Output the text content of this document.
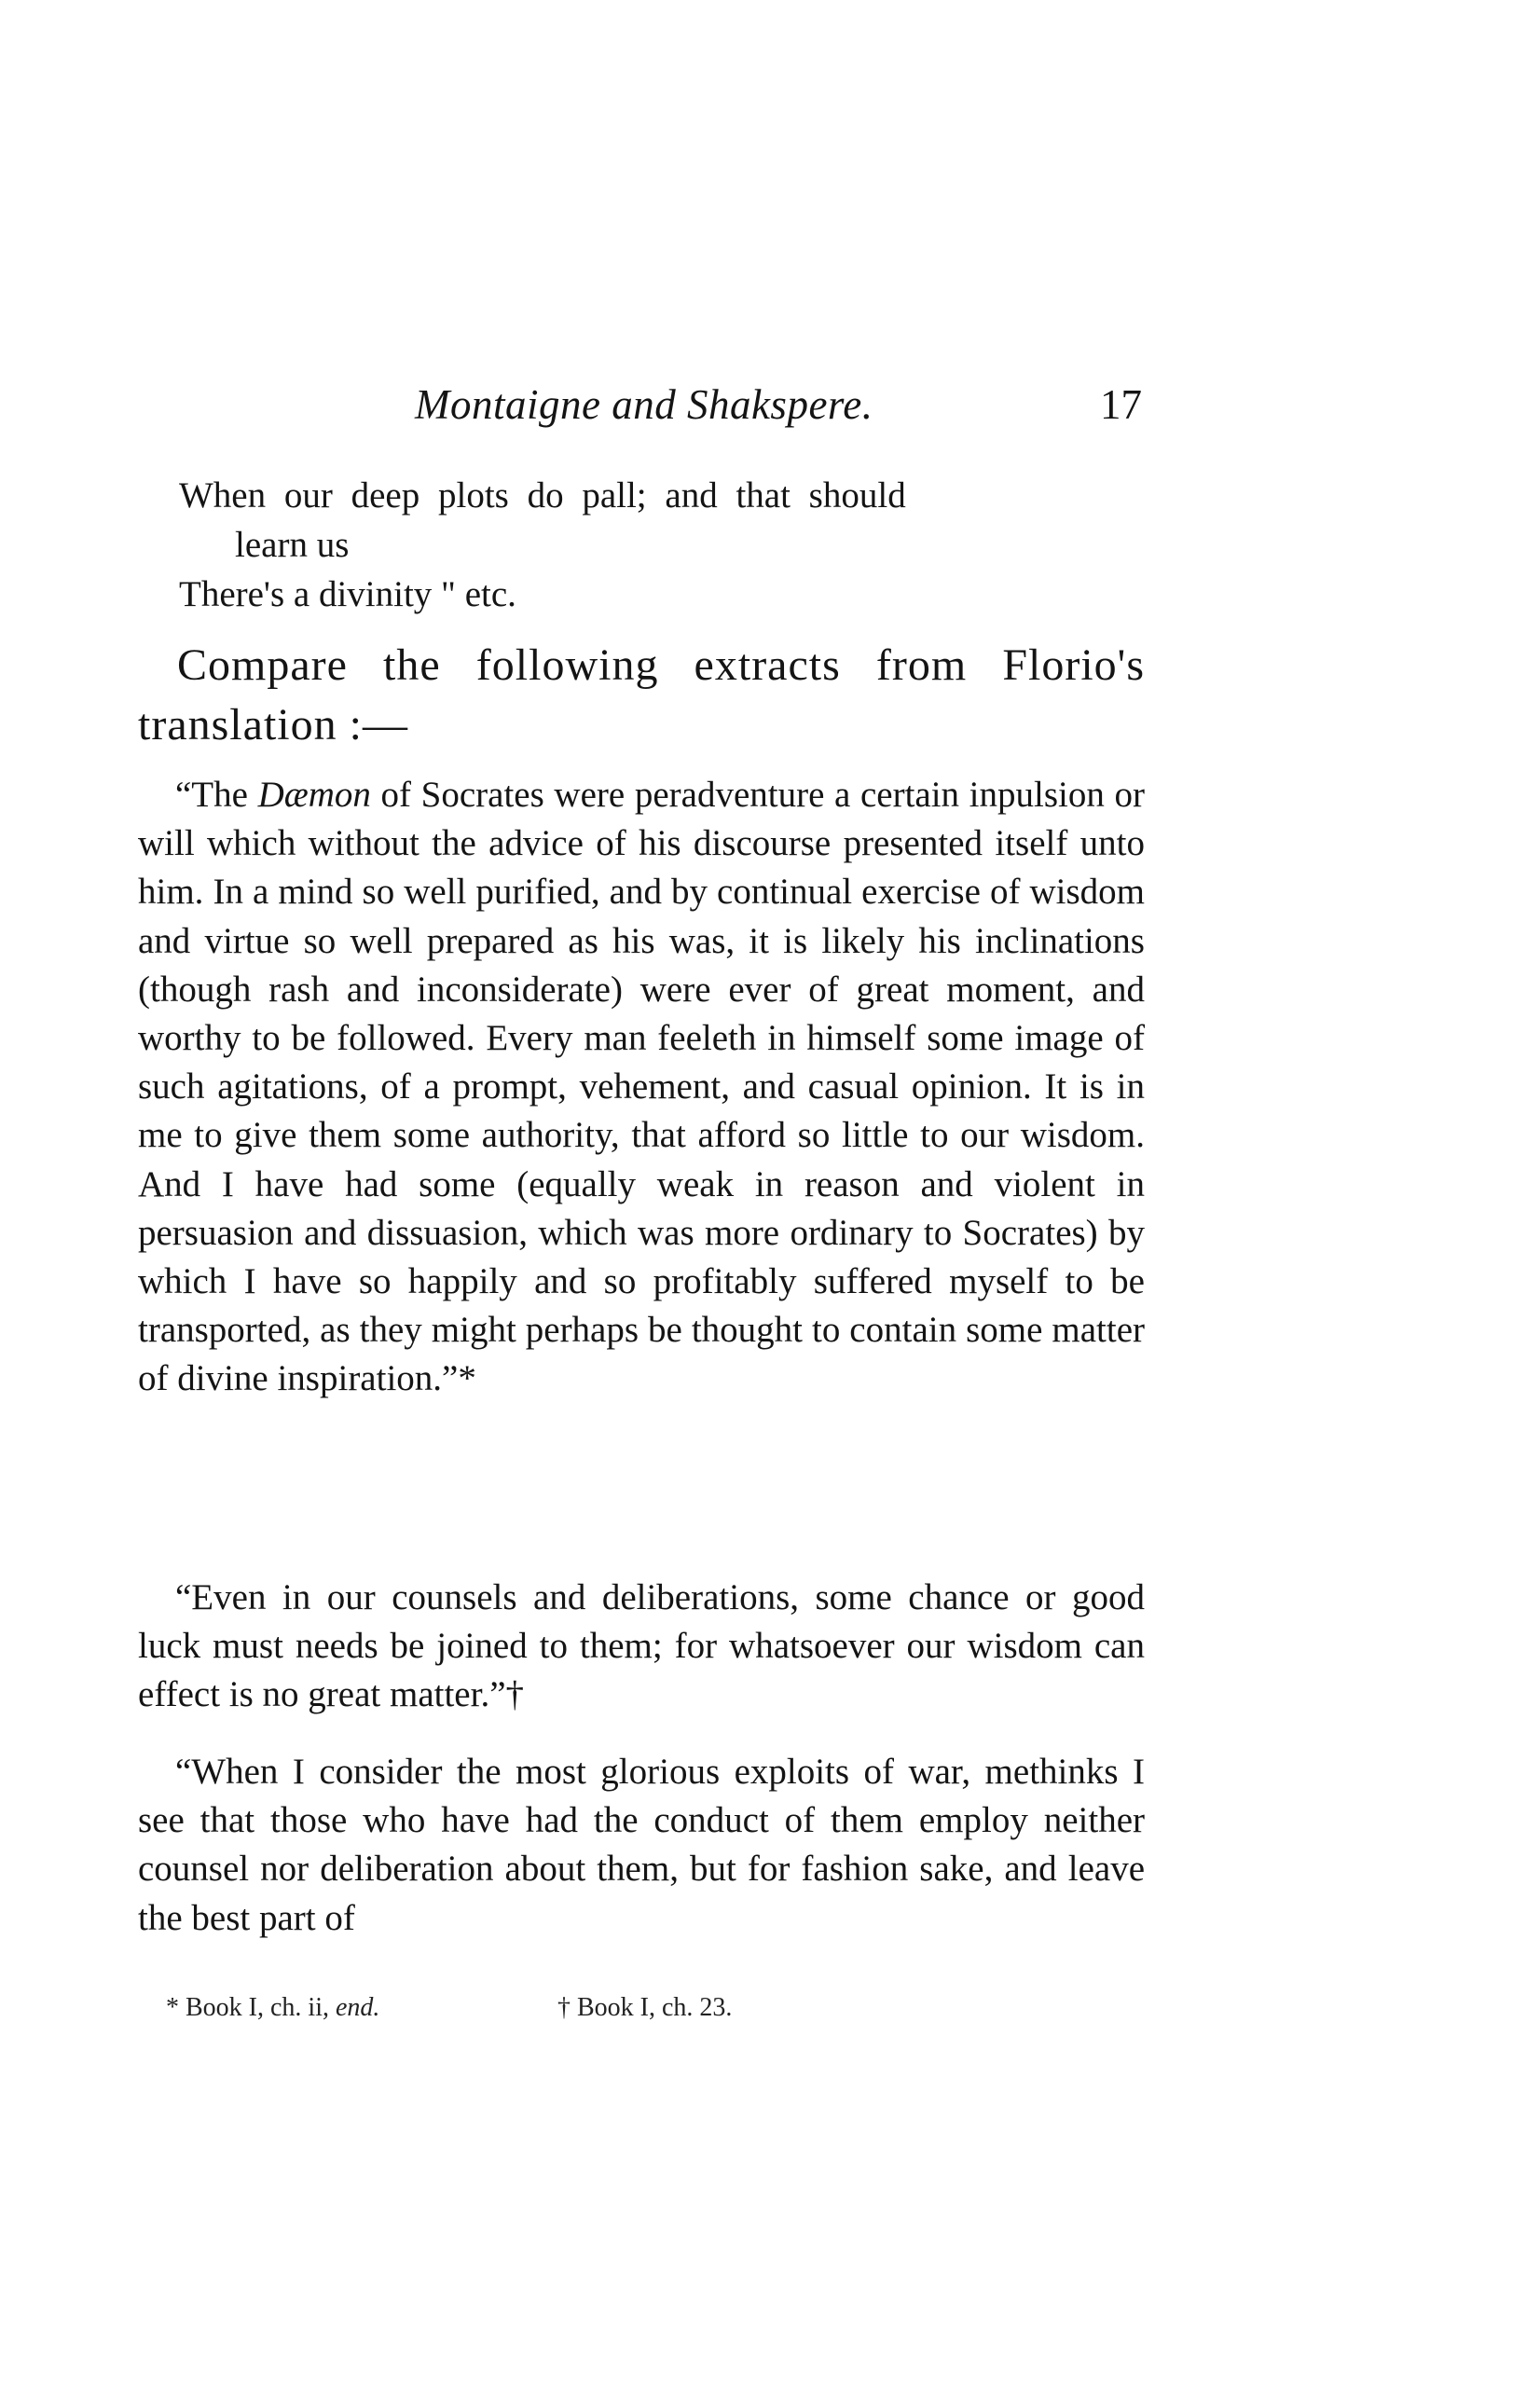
Montaigne and Shakspere.	17
When our deep plots do pall; and that should
learn us
There's a divinity " etc.

Compare the following extracts from Florio's translation :—

“The Dæmon of Socrates were peradventure a certain inpulsion or will which without the advice of his discourse presented itself unto him. In a mind so well purified, and by continual exercise of wisdom and virtue so well prepared as his was, it is likely his inclinations (though rash and inconsiderate) were ever of great moment, and worthy to be followed. Every man feeleth in himself some image of such agitations, of a prompt, vehement, and casual opinion. It is in me to give them some authority, that afford so little to our wisdom. And I have had some (equally weak in reason and violent in persuasion and dissuasion, which was more ordinary to Socrates) by which I have so happily and so profitably suffered myself to be transported, as they might perhaps be thought to contain some matter of divine inspiration.”*

“Even in our counsels and deliberations, some chance or good luck must needs be joined to them; for whatsoever our wisdom can effect is no great matter.”†

“When I consider the most glorious exploits of war, methinks I see that those who have had the conduct of them employ neither counsel nor deliberation about them, but for fashion sake, and leave the best part of

* Book I, ch. ii, end.	† Book I, ch. 23.
